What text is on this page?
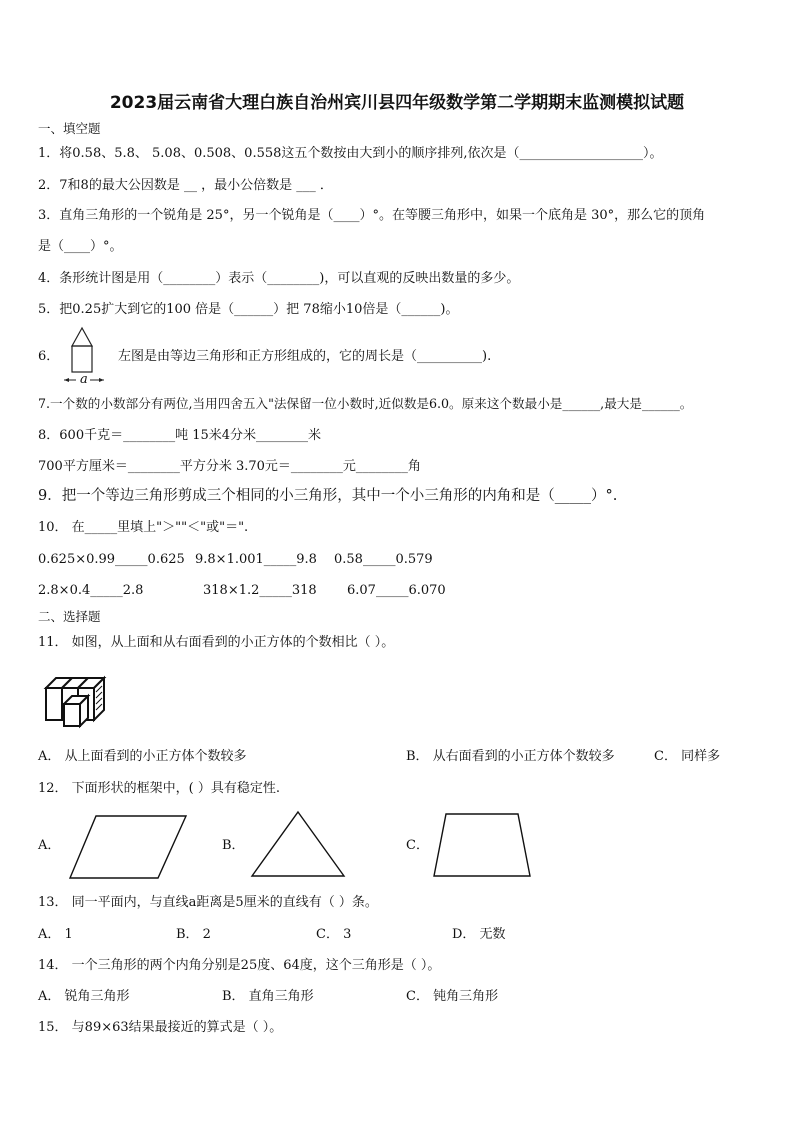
2023届云南省大理白族自治州宾川县四年级数学第二学期期末监测模拟试题
一、填空题
1．将0.58、5.8、 5.08、0.508、0.558这五个数按由大到小的顺序排列,依次是（___________________）。
2．7和8的最大公因数是 __ ，最小公倍数是 ___ ．
3．直角三角形的一个锐角是 25°，另一个锐角是（____）°。在等腰三角形中，如果一个底角是 30°，那么它的顶角
是（____）°。
4．条形统计图是用（________）表示（________)，可以直观的反映出数量的多少。
5．把0.25扩大到它的100 倍是（______）把 78缩小10倍是（______)。
6．
a
左图是由等边三角形和正方形组成的，它的周长是（__________).
7.一个数的小数部分有两位,当用四舍五入"法保留一位小数时,近似数是6.0。原来这个数最小是______,最大是______。
8．600千克＝________吨 15米4分米________米
700平方厘米＝________平方分米 3.70元＝________元________角
9．把一个等边三角形剪成三个相同的小三角形，其中一个小三角形的内角和是（_____）°.
10． 在_____里填上"＞""＜"或"＝".
0.625×0.99_____0.625 9.8×1.001_____9.8 0.58_____0.579
2.8×0.4_____2.8	318×1.2_____318 6.07_____6.070
二、选择题
11． 如图，从上面和从右面看到的小正方体的个数相比（ ）。
A． 从上面看到的小正方体个数较多	B． 从右面看到的小正方体个数较多	C． 同样多
12． 下面形状的框架中，( ）具有稳定性.
A．	B．	C．
13． 同一平面内，与直线a距离是5厘米的直线有（ ）条。
A． 1	B． 2	C． 3	D． 无数
14． 一个三角形的两个内角分别是25度、64度，这个三角形是（ ）。
A． 锐角三角形	B． 直角三角形	C． 钝角三角形
15． 与89×63结果最接近的算式是（ ）。
